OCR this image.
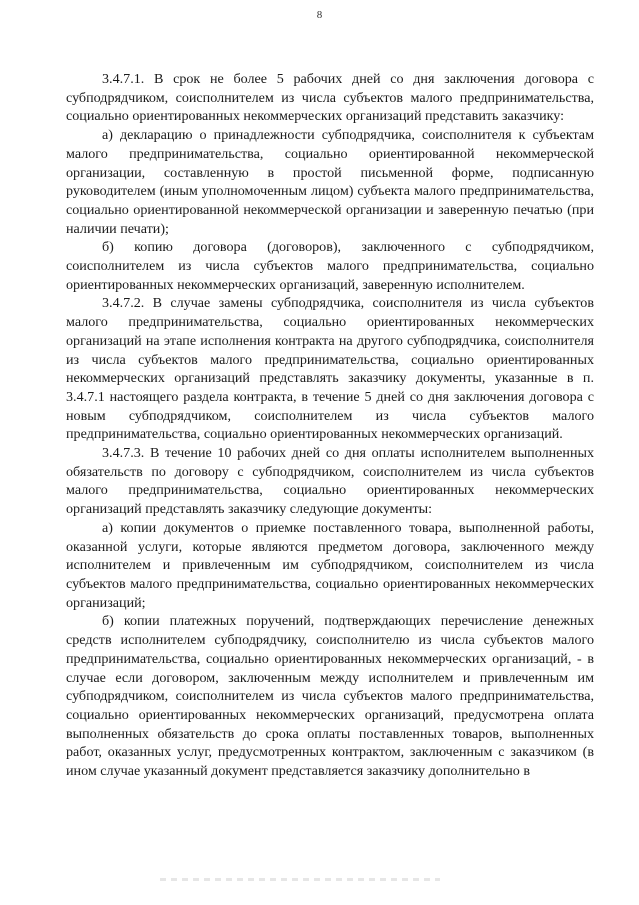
8

3.4.7.1. В срок не более 5 рабочих дней со дня заключения договора с субподрядчиком, соисполнителем из числа субъектов малого предпринимательства, социально ориентированных некоммерческих организаций представить заказчику:

а) декларацию о принадлежности субподрядчика, соисполнителя к субъектам малого предпринимательства, социально ориентированной некоммерческой организации, составленную в простой письменной форме, подписанную руководителем (иным уполномоченным лицом) субъекта малого предпринимательства, социально ориентированной некоммерческой организации и заверенную печатью (при наличии печати);

б) копию договора (договоров), заключенного с субподрядчиком, соисполнителем из числа субъектов малого предпринимательства, социально ориентированных некоммерческих организаций, заверенную исполнителем.

3.4.7.2. В случае замены субподрядчика, соисполнителя из числа субъектов малого предпринимательства, социально ориентированных некоммерческих организаций на этапе исполнения контракта на другого субподрядчика, соисполнителя из числа субъектов малого предпринимательства, социально ориентированных некоммерческих организаций представлять заказчику документы, указанные в п. 3.4.7.1 настоящего раздела контракта, в течение 5 дней со дня заключения договора с новым субподрядчиком, соисполнителем из числа субъектов малого предпринимательства, социально ориентированных некоммерческих организаций.

3.4.7.3. В течение 10 рабочих дней со дня оплаты исполнителем выполненных обязательств по договору с субподрядчиком, соисполнителем из числа субъектов малого предпринимательства, социально ориентированных некоммерческих организаций представлять заказчику следующие документы:

а) копии документов о приемке поставленного товара, выполненной работы, оказанной услуги, которые являются предметом договора, заключенного между исполнителем и привлеченным им субподрядчиком, соисполнителем из числа субъектов малого предпринимательства, социально ориентированных некоммерческих организаций;

б) копии платежных поручений, подтверждающих перечисление денежных средств исполнителем субподрядчику, соисполнителю из числа субъектов малого предпринимательства, социально ориентированных некоммерческих организаций, - в случае если договором, заключенным между исполнителем и привлеченным им субподрядчиком, соисполнителем из числа субъектов малого предпринимательства, социально ориентированных некоммерческих организаций, предусмотрена оплата выполненных обязательств до срока оплаты поставленных товаров, выполненных работ, оказанных услуг, предусмотренных контрактом, заключенным с заказчиком (в ином случае указанный документ представляется заказчику дополнительно в
